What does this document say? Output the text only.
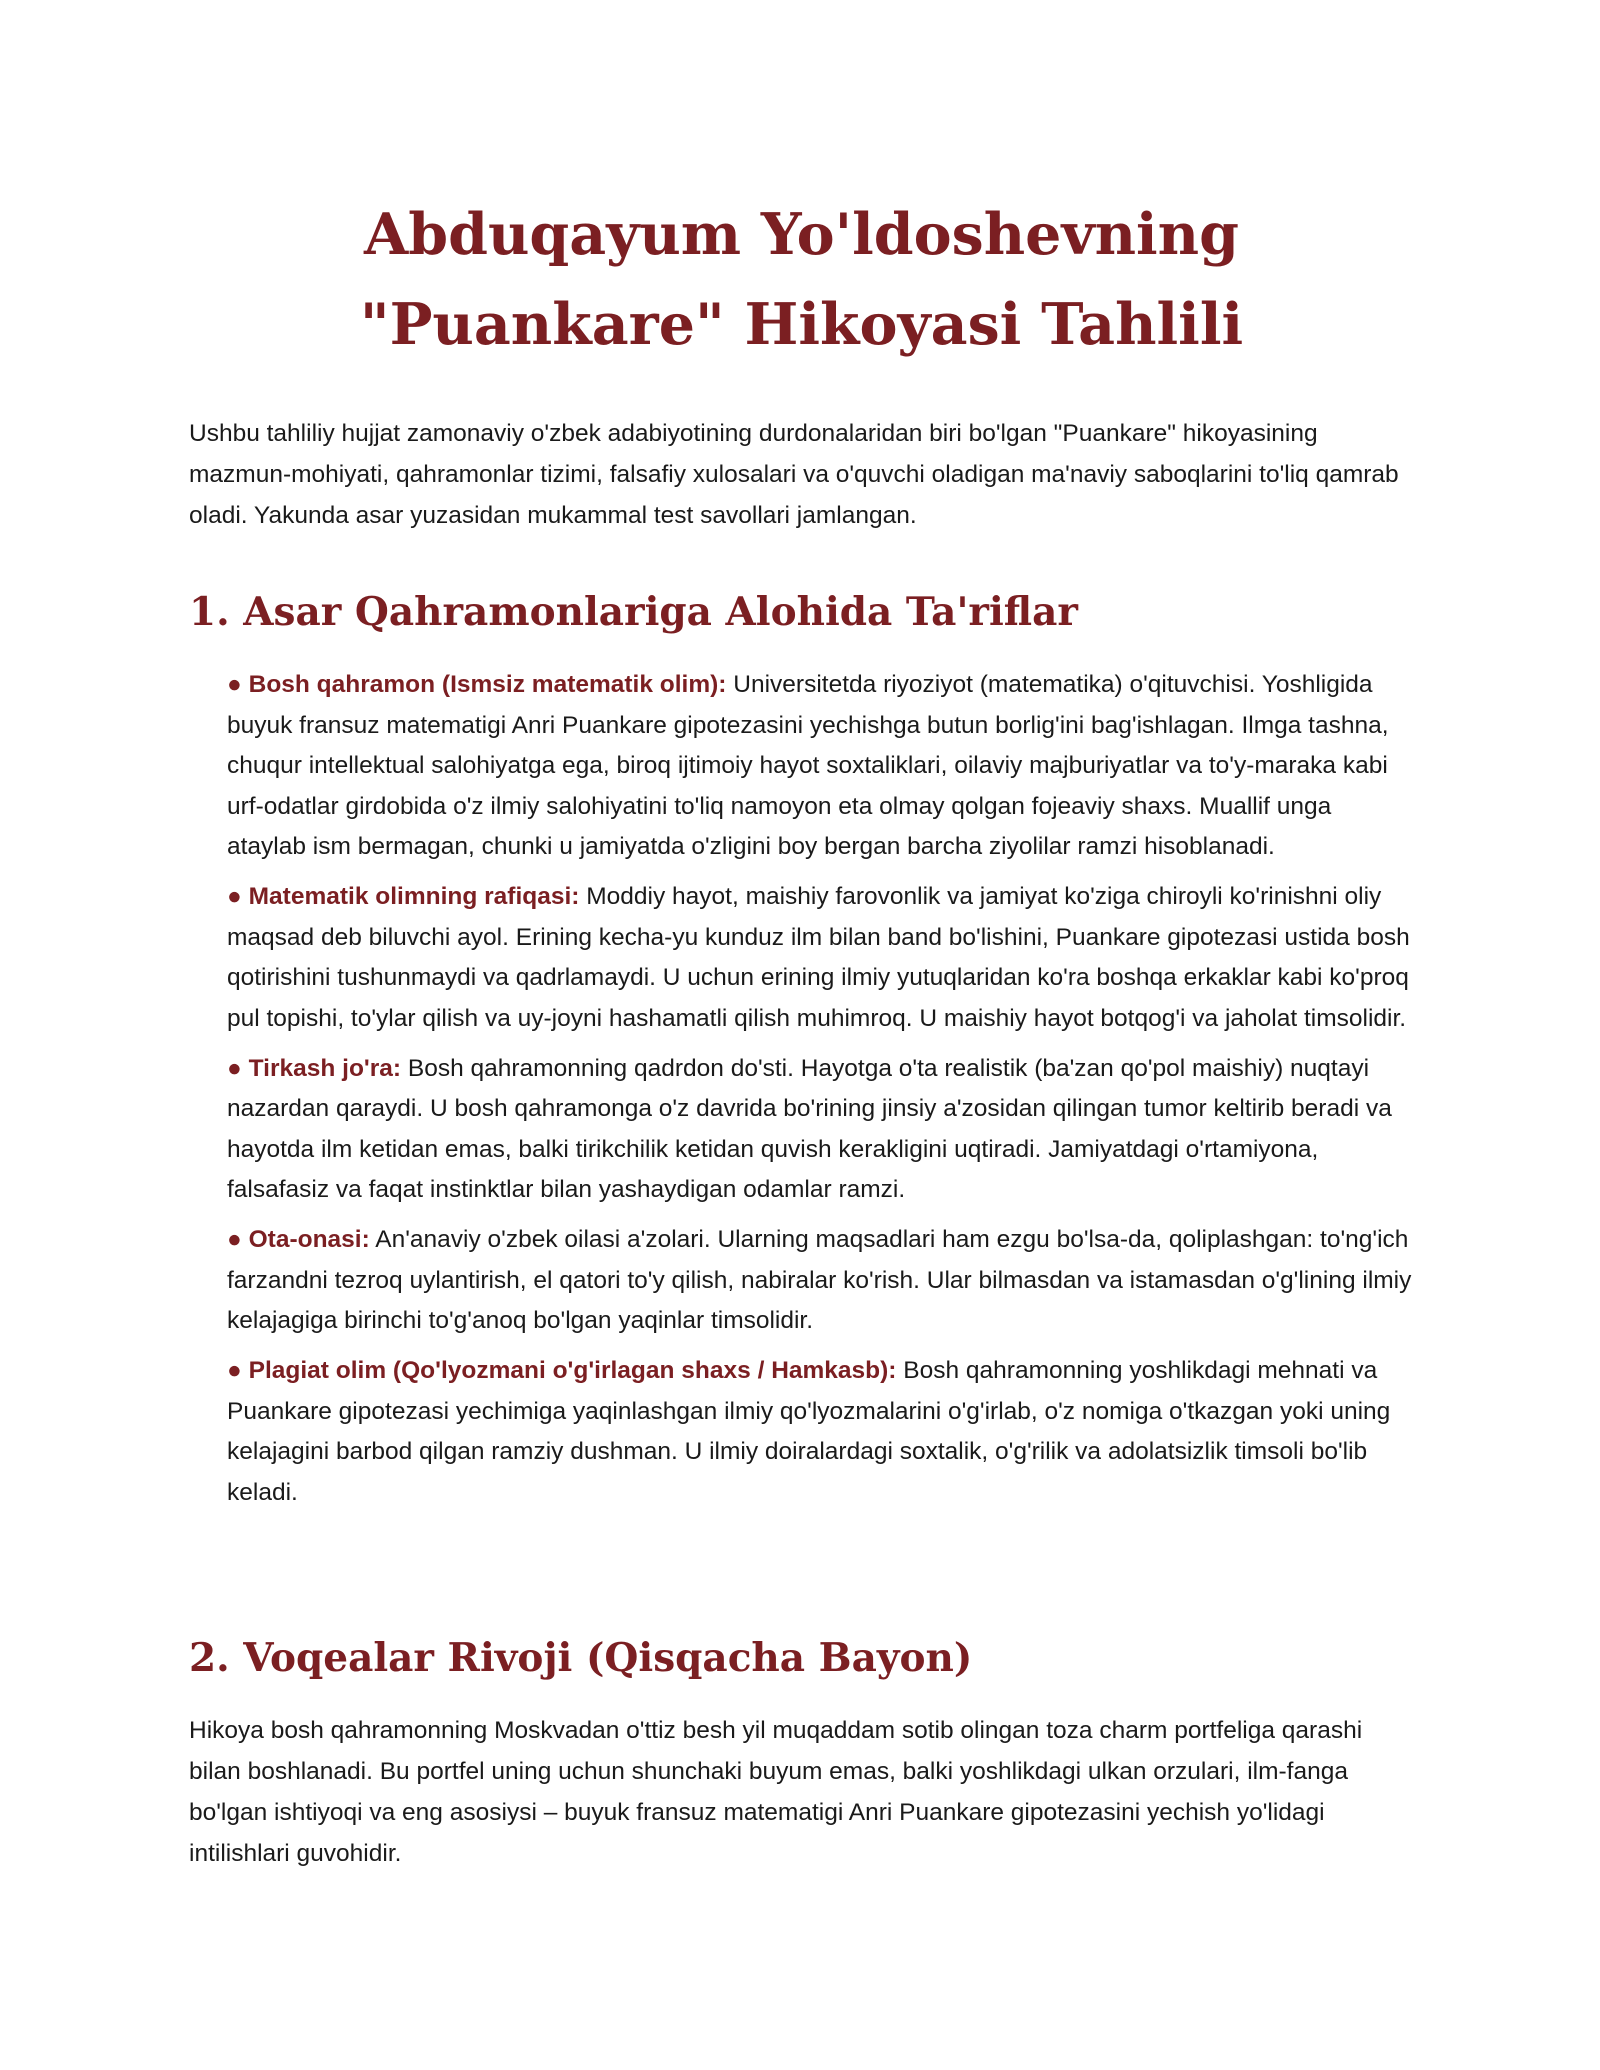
Abduqayum Yo'ldoshevning "Puankare" Hikoyasi Tahlili

Ushbu tahliliy hujjat zamonaviy o'zbek adabiyotining durdonalaridan biri bo'lgan "Puankare" hikoyasining mazmun-mohiyati, qahramonlar tizimi, falsafiy xulosalari va o'quvchi oladigan ma'naviy saboqlarini to'liq qamrab oladi. Yakunda asar yuzasidan mukammal test savollari jamlangan.

1. Asar Qahramonlariga Alohida Ta'riflar
● Bosh qahramon (Ismsiz matematik olim): Universitetda riyoziyot (matematika) o'qituvchisi. Yoshligida buyuk fransuz matematigi Anri Puankare gipotezasini yechishga butun borlig'ini bag'ishlagan. Ilmga tashna, chuqur intellektual salohiyatga ega, biroq ijtimoiy hayot soxtaliklari, oilaviy majburiyatlar va to'y-maraka kabi urf-odatlar girdobida o'z ilmiy salohiyatini to'liq namoyon eta olmay qolgan fojeaviy shaxs. Muallif unga ataylab ism bermagan, chunki u jamiyatda o'zligini boy bergan barcha ziyolilar ramzi hisoblanadi.
● Matematik olimning rafiqasi: Moddiy hayot, maishiy farovonlik va jamiyat ko'ziga chiroyli ko'rinishni oliy maqsad deb biluvchi ayol. Erining kecha-yu kunduz ilm bilan band bo'lishini, Puankare gipotezasi ustida bosh qotirishini tushunmaydi va qadrlamaydi. U uchun erining ilmiy yutuqlaridan ko'ra boshqa erkaklar kabi ko'proq pul topishi, to'ylar qilish va uy-joyni hashamatli qilish muhimroq. U maishiy hayot botqog'i va jaholat timsolidir.
● Tirkash jo'ra: Bosh qahramonning qadrdon do'sti. Hayotga o'ta realistik (ba'zan qo'pol maishiy) nuqtayi nazardan qaraydi. U bosh qahramonga o'z davrida bo'rining jinsiy a'zosidan qilingan tumor keltirib beradi va hayotda ilm ketidan emas, balki tirikchilik ketidan quvish kerakligini uqtiradi. Jamiyatdagi o'rtamiyona, falsafasiz va faqat instinktlar bilan yashaydigan odamlar ramzi.
● Ota-onasi: An'anaviy o'zbek oilasi a'zolari. Ularning maqsadlari ham ezgu bo'lsa-da, qoliplashgan: to'ng'ich farzandni tezroq uylantirish, el qatori to'y qilish, nabiralar ko'rish. Ular bilmasdan va istamasdan o'g'lining ilmiy kelajagiga birinchi to'g'anoq bo'lgan yaqinlar timsolidir.
● Plagiat olim (Qo'lyozmani o'g'irlagan shaxs / Hamkasb): Bosh qahramonning yoshlikdagi mehnati va Puankare gipotezasi yechimiga yaqinlashgan ilmiy qo'lyozmalarini o'g'irlab, o'z nomiga o'tkazgan yoki uning kelajagini barbod qilgan ramziy dushman. U ilmiy doiralardagi soxtalik, o'g'rilik va adolatsizlik timsoli bo'lib keladi.
2. Voqealar Rivoji (Qisqacha Bayon)

Hikoya bosh qahramonning Moskvadan o'ttiz besh yil muqaddam sotib olingan toza charm portfeliga qarashi bilan boshlanadi. Bu portfel uning uchun shunchaki buyum emas, balki yoshlikdagi ulkan orzulari, ilm-fanga bo'lgan ishtiyoqi va eng asosiysi – buyuk fransuz matematigi Anri Puankare gipotezasini yechish yo'lidagi intilishlari guvohidir.
